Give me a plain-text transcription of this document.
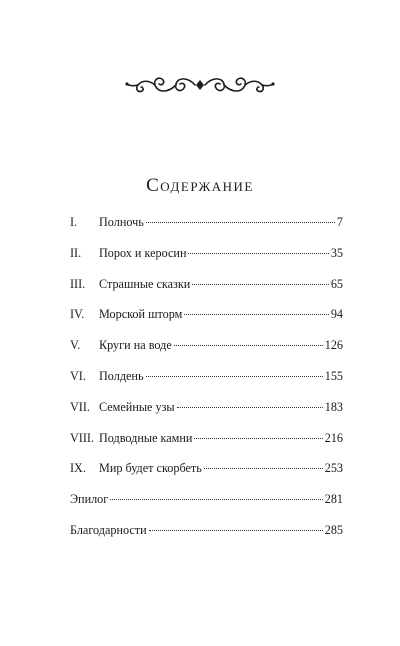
Содержание
I.	Полночь	7
II.	Порох и керосин	35
III.	Страшные сказки	65
IV.	Морской шторм	94
V.	Круги на воде	126
VI.	Полдень	155
VII. Семейные узы	183
VIII. Подводные камни	216
IX.	Мир будет скорбеть	253
Эпилог	281
Благодарности	285
